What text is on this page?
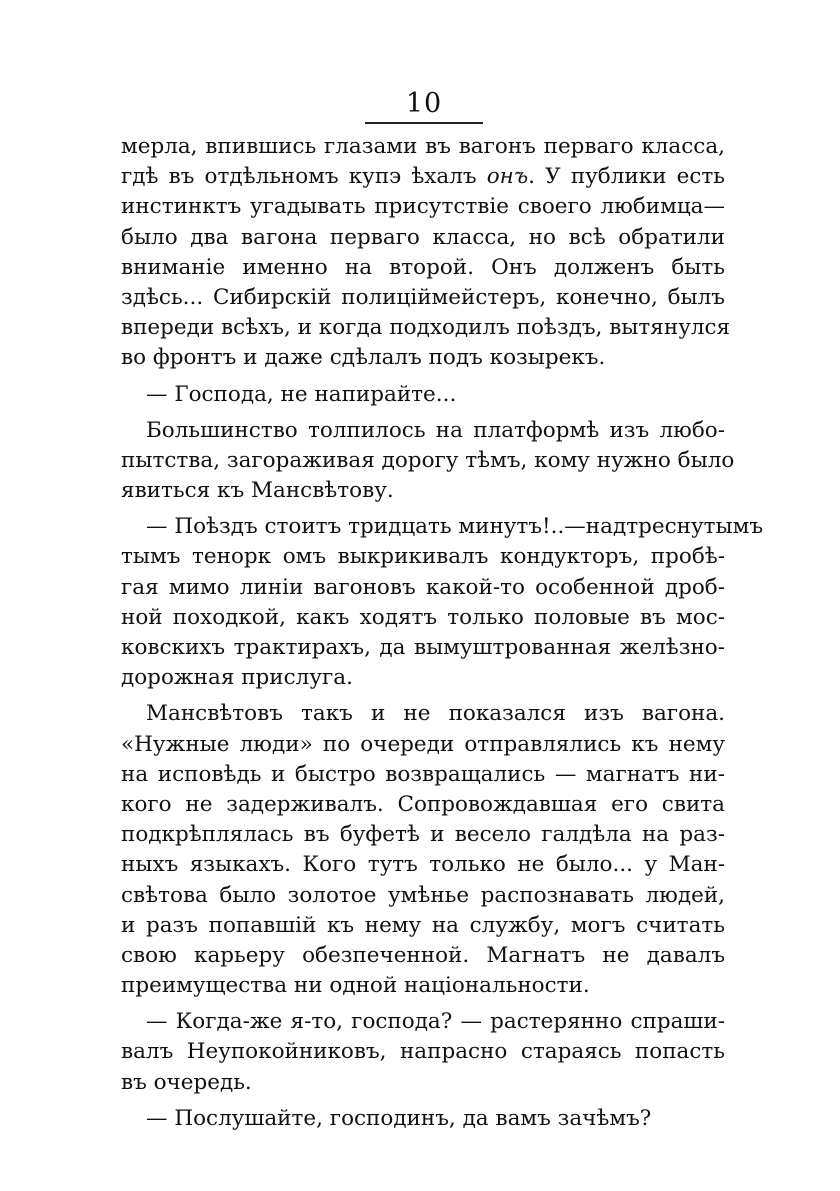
10
мерла, впившись глазами въ вагонъ перваго класса,
гдѣ въ отдѣльномъ купэ ѣхалъ онъ. У публики есть
инстинктъ угадывать присутствіе своего любимца—
было два вагона перваго класса, но всѣ обратили
вниманіе именно на второй. Онъ долженъ быть
здѣсь... Сибирскій полиціймейстеръ, конечно, былъ
впереди всѣхъ, и когда подходилъ поѣздъ, вытянулся
во фронтъ и даже сдѣлалъ подъ козырекъ.
— Господа, не напирайте...
Большинство толпилось на платформѣ изъ любо-
пытства, загораживая дорогу тѣмъ, кому нужно было
явиться къ Мансвѣтову.
— Поѣздъ стоитъ тридцать минутъ!..—надтреснутымъ
тымъ тенорк омъ выкрикивалъ кондукторъ, пробѣ-
гая мимо линіи вагоновъ какой-то особенной дроб-
ной походкой, какъ ходятъ только половые въ мос-
ковскихъ трактирахъ, да вымуштрованная желѣзно-
дорожная прислуга.
Мансвѣтовъ такъ и не показался изъ вагона.
«Нужные люди» по очереди отправлялись къ нему
на исповѣдь и быстро возвращались — магнатъ ни-
кого не задерживалъ. Сопровождавшая его свита
подкрѣплялась въ буфетѣ и весело галдѣла на раз-
ныхъ языкахъ. Кого тутъ только не было... у Ман-
свѣтова было золотое умѣнье распознавать людей,
и разъ попавшій къ нему на службу, могъ считать
свою карьеру обезпеченной. Магнатъ не давалъ
преимущества ни одной національности.
— Когда-же я-то, господа? — растерянно спраши-
валъ Неупокойниковъ, напрасно стараясь попасть
въ очередь.
— Послушайте, господинъ, да вамъ зачѣмъ?
